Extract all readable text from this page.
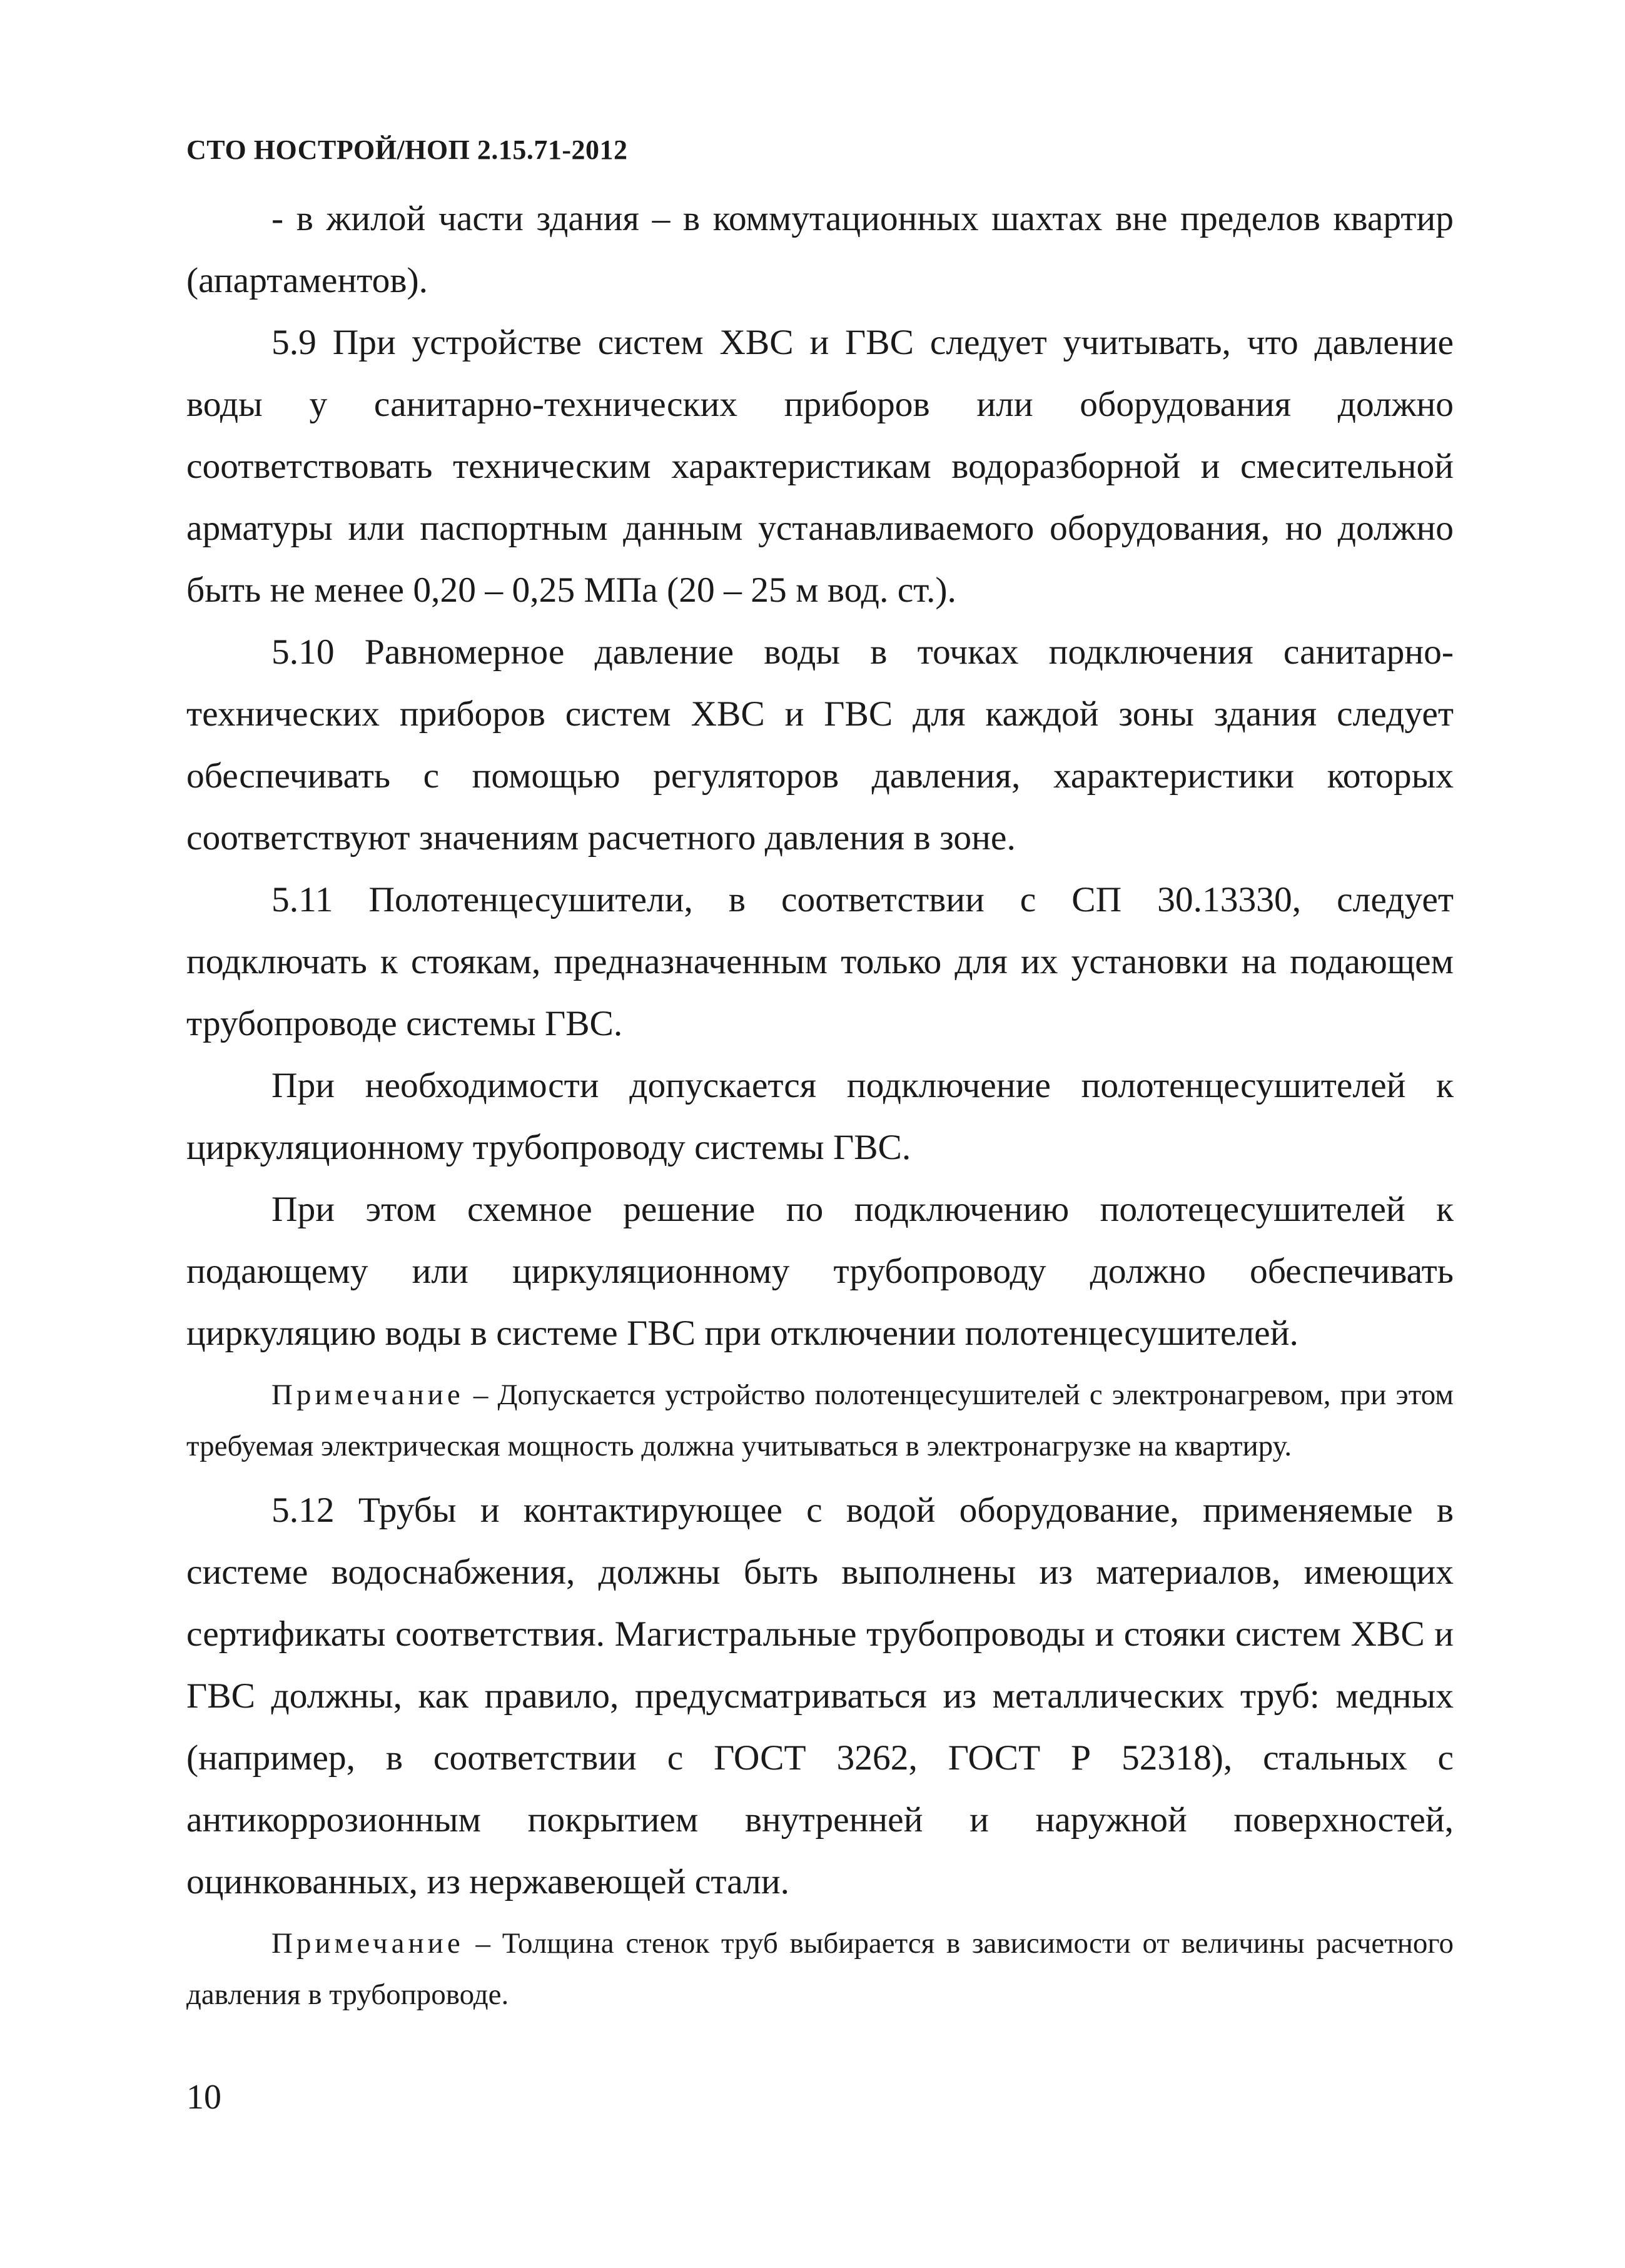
СТО НОСТРОЙ/НОП 2.15.71-2012

- в жилой части здания – в коммутационных шахтах вне пределов квартир (апартаментов).

5.9 При устройстве систем ХВС и ГВС следует учитывать, что давление воды у санитарно-технических приборов или оборудования должно соответствовать техническим характеристикам водоразборной и смесительной арматуры или паспортным данным устанавливаемого оборудования, но должно быть не менее 0,20 – 0,25 МПа (20 – 25 м вод. ст.).

5.10 Равномерное давление воды в точках подключения санитарно-технических приборов систем ХВС и ГВС для каждой зоны здания следует обеспечивать с помощью регуляторов давления, характеристики которых соответствуют значениям расчетного давления в зоне.

5.11 Полотенцесушители, в соответствии с СП 30.13330, следует подключать к стоякам, предназначенным только для их установки на подающем трубопроводе системы ГВС.

При необходимости допускается подключение полотенцесушителей к циркуляционному трубопроводу системы ГВС.

При этом схемное решение по подключению полотецесушителей к подающему или циркуляционному трубопроводу должно обеспечивать циркуляцию воды в системе ГВС при отключении полотенцесушителей.

Примечание – Допускается устройство полотенцесушителей с электронагревом, при этом требуемая электрическая мощность должна учитываться в электронагрузке на квартиру.

5.12 Трубы и контактирующее с водой оборудование, применяемые в системе водоснабжения, должны быть выполнены из материалов, имеющих сертификаты соответствия. Магистральные трубопроводы и стояки систем ХВС и ГВС должны, как правило, предусматриваться из металлических труб: медных (например, в соответствии с ГОСТ 3262, ГОСТ Р 52318), стальных с антикоррозионным покрытием внутренней и наружной поверхностей, оцинкованных, из нержавеющей стали.

Примечание – Толщина стенок труб выбирается в зависимости от величины расчетного давления в трубопроводе.

10
